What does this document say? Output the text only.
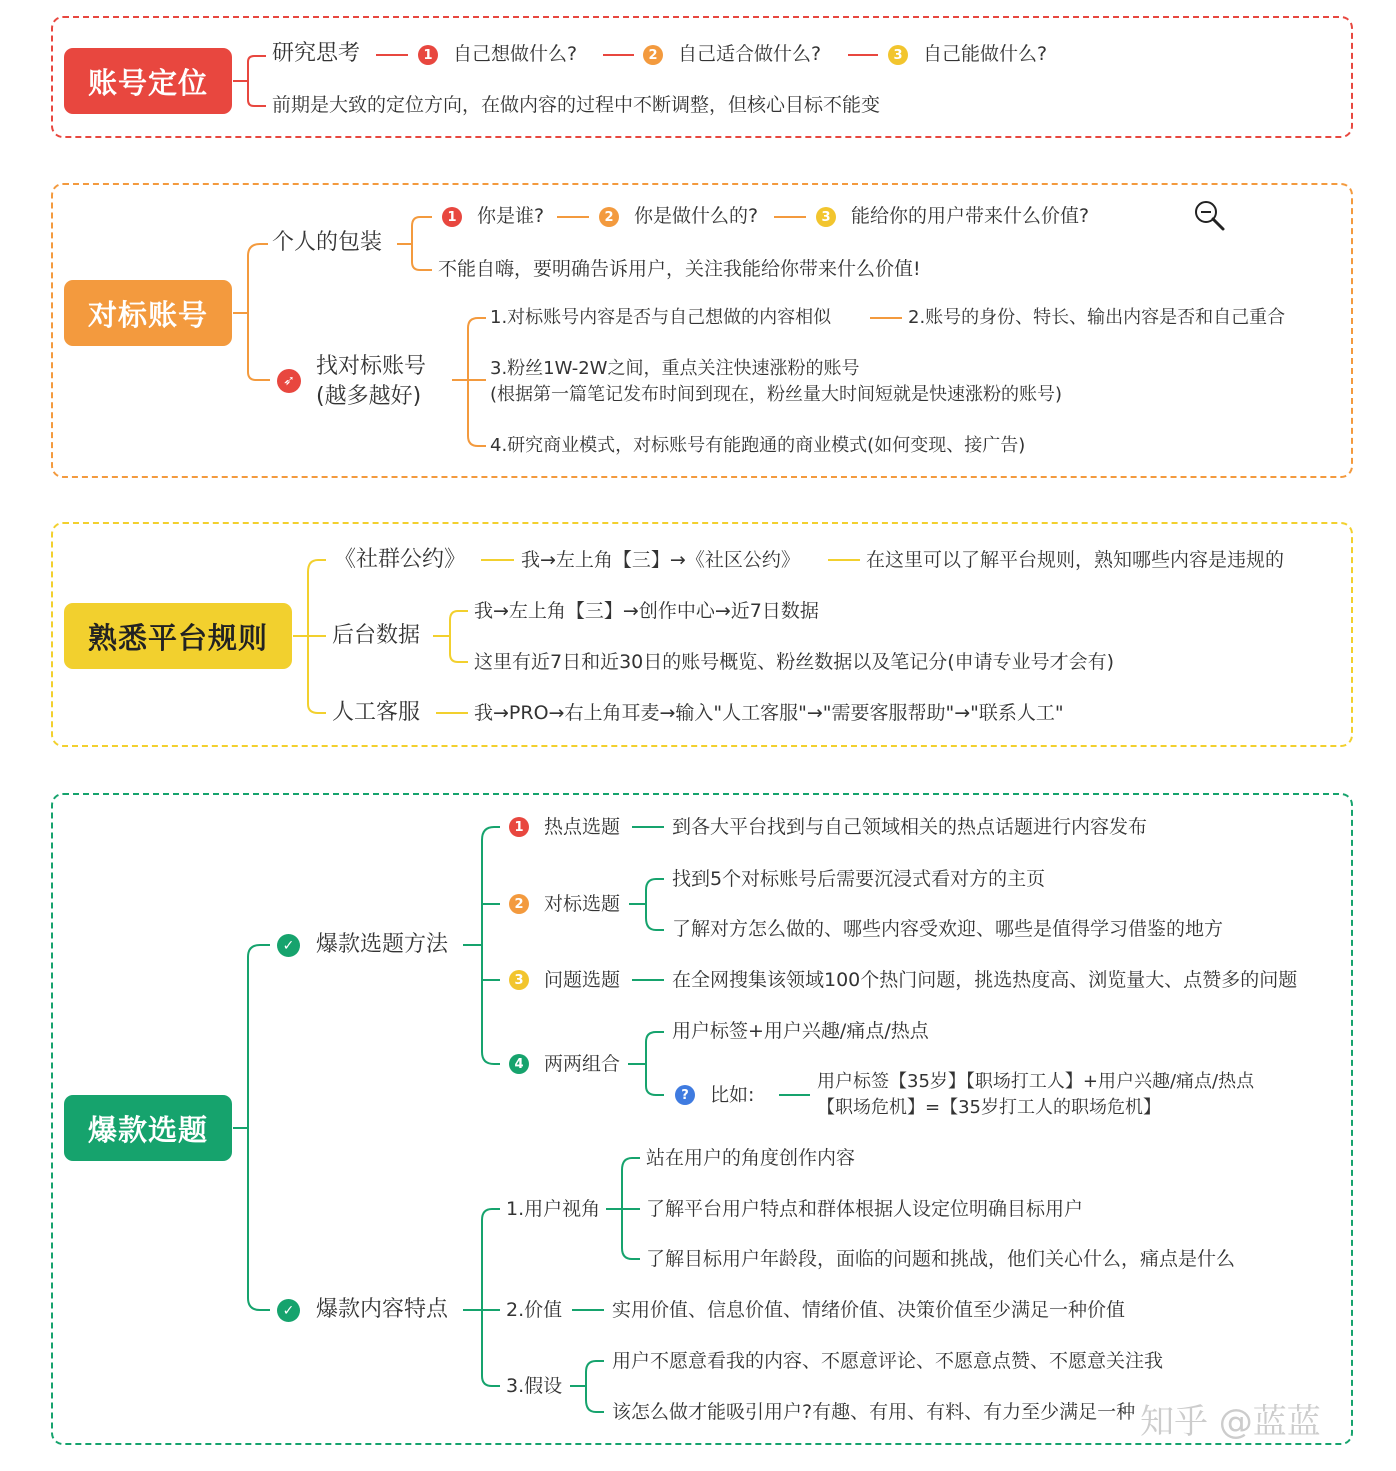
账号定位
研究思考	1 自己想做什么?	2 自己适合做什么?	3 自己能做什么?
前期是大致的定位方向，在做内容的过程中不断调整，但核心目标不能变
对标账号
个人的包装
1 你是谁?	2 你是做什么的?	3 能给你的用户带来什么价值?
不能自嗨，要明确告诉用户，关注我能给你带来什么价值!
➶
找对标账号
(越多越好)
1.对标账号内容是否与自己想做的内容相似	2.账号的身份、特长、输出内容是否和自己重合
3.粉丝1W-2W之间，重点关注快速涨粉的账号
(根据第一篇笔记发布时间到现在，粉丝量大时间短就是快速涨粉的账号)
4.研究商业模式，对标账号有能跑通的商业模式(如何变现、接广告)
熟悉平台规则
《社群公约》	我→左上角【三】→《社区公约》	在这里可以了解平台规则，熟知哪些内容是违规的
后台数据
我→左上角【三】→创作中心→近7日数据
这里有近7日和近30日的账号概览、粉丝数据以及笔记分(申请专业号才会有)
人工客服	我→PRO→右上角耳麦→输入"人工客服"→"需要客服帮助"→"联系人工"
爆款选题
✓ 爆款选题方法
1 热点选题	到各大平台找到与自己领域相关的热点话题进行内容发布
2 对标选题
找到5个对标账号后需要沉浸式看对方的主页
了解对方怎么做的、哪些内容受欢迎、哪些是值得学习借鉴的地方
3 问题选题	在全网搜集该领域100个热门问题，挑选热度高、浏览量大、点赞多的问题
4 两两组合
用户标签+用户兴趣/痛点/热点
?	比如:
用户标签【35岁】【职场打工人】+用户兴趣/痛点/热点
【职场危机】=【35岁打工人的职场危机】
✓ 爆款内容特点
1.用户视角
站在用户的角度创作内容
了解平台用户特点和群体根据人设定位明确目标用户
了解目标用户年龄段，面临的问题和挑战，他们关心什么，痛点是什么
2.价值	实用价值、信息价值、情绪价值、决策价值至少满足一种价值
3.假设
用户不愿意看我的内容、不愿意评论、不愿意点赞、不愿意关注我
该怎么做才能吸引用户?有趣、有用、有料、有力至少满足一种 知乎 @蓝蓝
